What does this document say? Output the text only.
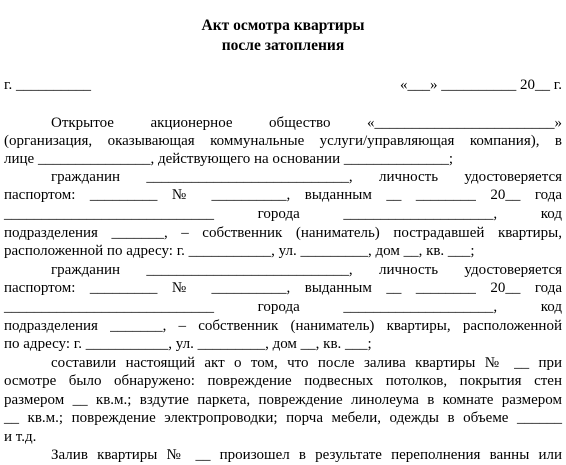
Акт осмотра квартиры
после затопления
г. __________	«___» __________ 20__ г.
Открытое акционерное общество «________________________»
(организация, оказывающая коммунальные услуги/управляющая компания), в
лице _______________, действующего на основании ______________;
гражданин ___________________________, личность удостоверяется
паспортом: _________ № __________, выданным __ ________ 20__ года
____________________________ города ____________________, код
подразделения _______, – собственник (наниматель) пострадавшей квартиры,
расположенной по адресу: г. ___________, ул. _________, дом __, кв. ___;
гражданин ___________________________, личность удостоверяется
паспортом: _________ № __________, выданным __ ________ 20__ года
____________________________ города ____________________, код
подразделения _______, – собственник (наниматель) квартиры, расположенной
по адресу: г. ___________, ул. _________, дом __, кв. ___;
составили настоящий акт о том, что после залива квартиры № __ при
осмотре было обнаружено: повреждение подвесных потолков, покрытия стен
размером __ кв.м.; вздутие паркета, повреждение линолеума в комнате размером
__ кв.м.; повреждение электропроводки; порча мебели, одежды в объеме ______
и т.д.
Залив квартиры № __ произошел в результате переполнения ванны или
